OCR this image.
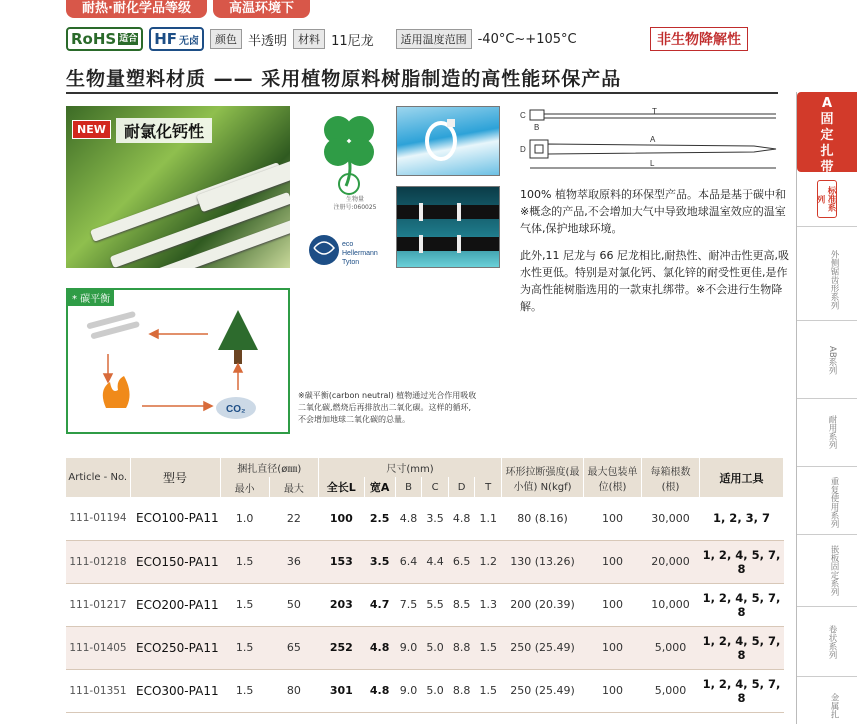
耐热·耐化学品等级	高温环境下
RoHS 适合 HF 无卤	颜色 半透明	材料 11尼龙	适用温度范围 -40°C~+105°C	非生物降解性
生物量塑料材质 —— 采用植物原料树脂制造的高性能环保产品
NEW	耐氯化钙性
生物量
注册号:060025
eco
Hellermann
Tyton
C
B
T
D
A
L

100% 植物萃取原料的环保型产品。本品是基于碳中和※概念的产品,不会增加大气中导致地球温室效应的温室气体,保护地球环境。

此外,11 尼龙与 66 尼龙相比,耐热性、耐冲击性更高,吸水性更低。特别是对氯化钙、氯化锌的耐受性更佳,是作为高性能树脂选用的一款束扎绑带。※不会进行生物降解。

* 碳平衡
CO₂
※碳平衡(carbon neutral) 植物通过光合作用吸收二氧化碳,燃烧后再排放出二氧化碳。这样的循环,不会增加地球二氧化碳的总量。
Article - No.	型号	捆扎直径(ø㎜)		尺寸(mm)						环形拉断强度(最小值) N(kgf)	最大包装单位(根)	每箱根数(根)	适用工具
		最小	最大	全长L	宽A	B	C	D	T				
111-01194	ECO100-PA11	1.0	22	100	2.5	4.8	3.5	4.8	1.1	80 (8.16)	100	30,000	1, 2, 3, 7
111-01218	ECO150-PA11	1.5	36	153	3.5	6.4	4.4	6.5	1.2	130 (13.26)	100	20,000	1, 2, 4, 5, 7, 8
111-01217	ECO200-PA11	1.5	50	203	4.7	7.5	5.5	8.5	1.3	200 (20.39)	100	10,000	1, 2, 4, 5, 7, 8
111-01405	ECO250-PA11	1.5	65	252	4.8	9.0	5.0	8.8	1.5	250 (25.49)	100	5,000	1, 2, 4, 5, 7, 8
111-01351	ECO300-PA11	1.5	80	301	4.8	9.0	5.0	8.8	1.5	250 (25.49)	100	5,000	1, 2, 4, 5, 7, 8
A 固定扎带
标准系列
外侧锯齿形系列
AB系列
耐用系列
重复使用系列
嵌板固定系列
卷状系列
金属扎
